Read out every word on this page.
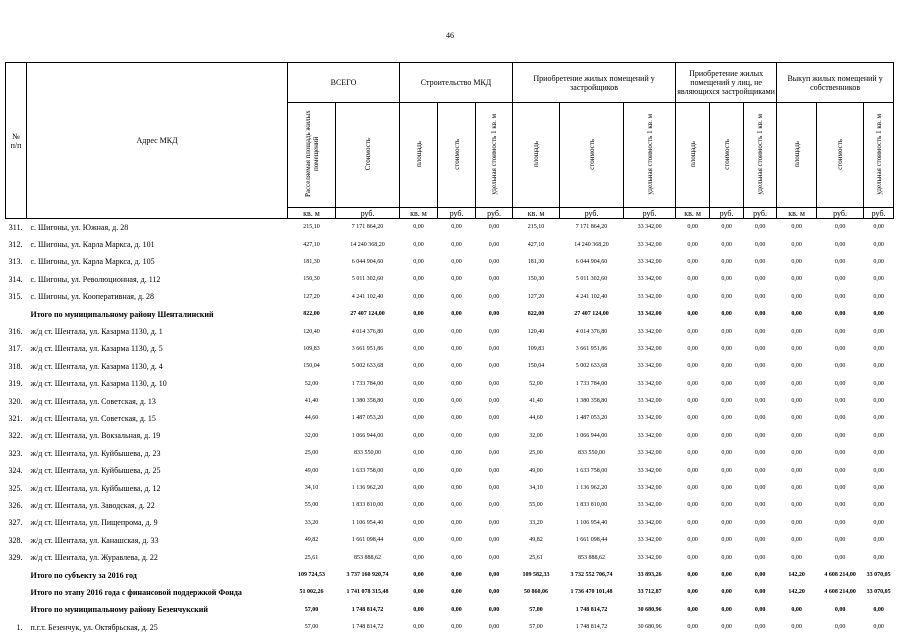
46
№
п/п	Адрес МКД	ВСЕГО		Строительство МКД			Приобретение жилых помещений у застройщиков			Приобретение жилых помещений у лиц, не являющихся застройщиками			Выкуп жилых помещений у собственников		
		Расселяемая площадь жилых помещений	Стоимость	площадь	стоимость	удельная стоимость 1 кв. м	площадь	стоимость	удельная стоимость 1 кв. м	площадь	стоимость	удельная стоимость 1 кв. м	площадь	стоимость	удельная стоимость 1 кв. м
		кв. м	руб.	кв. м	руб.	руб.	кв. м	руб.	руб.	кв. м	руб.	руб.	кв. м	руб.	руб.
311.	с. Шигоны, ул. Южная, д. 28	215,10	7 171 864,20	0,00	0,00	0,00	215,10	7 171 864,20	33 342,00	0,00	0,00	0,00	0,00	0,00	0,00
312.	с. Шигоны, ул. Карла Маркса, д. 101	427,10	14 240 368,20	0,00	0,00	0,00	427,10	14 240 368,20	33 342,00	0,00	0,00	0,00	0,00	0,00	0,00
313.	с. Шигоны, ул. Карла Маркса, д. 105	181,30	6 044 904,60	0,00	0,00	0,00	181,30	6 044 904,60	33 342,00	0,00	0,00	0,00	0,00	0,00	0,00
314.	с. Шигоны, ул. Революционная, д. 112	150,30	5 011 302,60	0,00	0,00	0,00	150,30	5 011 302,60	33 342,00	0,00	0,00	0,00	0,00	0,00	0,00
315.	с. Шигоны, ул. Кооперативная, д. 28	127,20	4 241 102,40	0,00	0,00	0,00	127,20	4 241 102,40	33 342,00	0,00	0,00	0,00	0,00	0,00	0,00
	Итого по муниципальному району Шенталинский	822,00	27 407 124,00	0,00	0,00	0,00	822,00	27 407 124,00	33 342,00	0,00	0,00	0,00	0,00	0,00	0,00
316.	ж/д ст. Шентала, ул. Казарма 1130, д. 1	120,40	4 014 376,80	0,00	0,00	0,00	120,40	4 014 376,80	33 342,00	0,00	0,00	0,00	0,00	0,00	0,00
317.	ж/д ст. Шентала, ул. Казарма 1130, д. 5	109,83	3 661 951,86	0,00	0,00	0,00	109,83	3 661 951,86	33 342,00	0,00	0,00	0,00	0,00	0,00	0,00
318.	ж/д ст. Шентала, ул. Казарма 1130, д. 4	150,04	5 002 633,68	0,00	0,00	0,00	150,04	5 002 633,68	33 342,00	0,00	0,00	0,00	0,00	0,00	0,00
319.	ж/д ст. Шентала, ул. Казарма 1130, д. 10	52,00	1 733 784,00	0,00	0,00	0,00	52,00	1 733 784,00	33 342,00	0,00	0,00	0,00	0,00	0,00	0,00
320.	ж/д ст. Шентала, ул. Советская, д. 13	41,40	1 380 358,80	0,00	0,00	0,00	41,40	1 380 358,80	33 342,00	0,00	0,00	0,00	0,00	0,00	0,00
321.	ж/д ст. Шентала, ул. Советская, д. 15	44,60	1 487 053,20	0,00	0,00	0,00	44,60	1 487 053,20	33 342,00	0,00	0,00	0,00	0,00	0,00	0,00
322.	ж/д ст. Шентала, ул. Вокзальная, д. 19	32,00	1 066 944,00	0,00	0,00	0,00	32,00	1 066 944,00	33 342,00	0,00	0,00	0,00	0,00	0,00	0,00
323.	ж/д ст. Шентала, ул. Куйбышева, д. 23	25,00	833 550,00	0,00	0,00	0,00	25,00	833 550,00	33 342,00	0,00	0,00	0,00	0,00	0,00	0,00
324.	ж/д ст. Шентала, ул. Куйбышева, д. 25	49,00	1 633 758,00	0,00	0,00	0,00	49,00	1 633 758,00	33 342,00	0,00	0,00	0,00	0,00	0,00	0,00
325.	ж/д ст. Шентала, ул. Куйбышева, д. 12	34,10	1 136 962,20	0,00	0,00	0,00	34,10	1 136 962,20	33 342,00	0,00	0,00	0,00	0,00	0,00	0,00
326.	ж/д ст. Шентала, ул. Заводская, д. 22	55,00	1 833 810,00	0,00	0,00	0,00	55,00	1 833 810,00	33 342,00	0,00	0,00	0,00	0,00	0,00	0,00
327.	ж/д ст. Шентала, ул. Пищепрома, д. 9	33,20	1 106 954,40	0,00	0,00	0,00	33,20	1 106 954,40	33 342,00	0,00	0,00	0,00	0,00	0,00	0,00
328.	ж/д ст. Шентала, ул. Канашская, д. 33	49,82	1 661 098,44	0,00	0,00	0,00	49,82	1 661 098,44	33 342,00	0,00	0,00	0,00	0,00	0,00	0,00
329.	ж/д ст. Шентала, ул. Журавлева, д. 22	25,61	853 888,62	0,00	0,00	0,00	25,61	853 888,62	33 342,00	0,00	0,00	0,00	0,00	0,00	0,00
	Итого по субъекту за 2016 год	109 724,53	3 737 160 920,74	0,00	0,00	0,00	109 582,33	3 732 552 706,74	33 893,26	0,00	0,00	0,00	142,20	4 608 214,00	33 070,05
	Итого по этапу 2016 года с финансовой поддержкой Фонда	51 002,26	1 741 078 315,48	0,00	0,00	0,00	50 860,06	1 736 470 101,48	33 712,87	0,00	0,00	0,00	142,20	4 608 214,00	33 070,05
	Итого по муниципальному району Безенчукский	57,00	1 748 814,72	0,00	0,00	0,00	57,00	1 748 814,72	30 680,96	0,00	0,00	0,00	0,00	0,00	0,00
1.	п.г.т. Безенчук, ул. Октябрьская, д. 25	57,00	1 748 814,72	0,00	0,00	0,00	57,00	1 748 814,72	30 680,96	0,00	0,00	0,00	0,00	0,00	0,00
